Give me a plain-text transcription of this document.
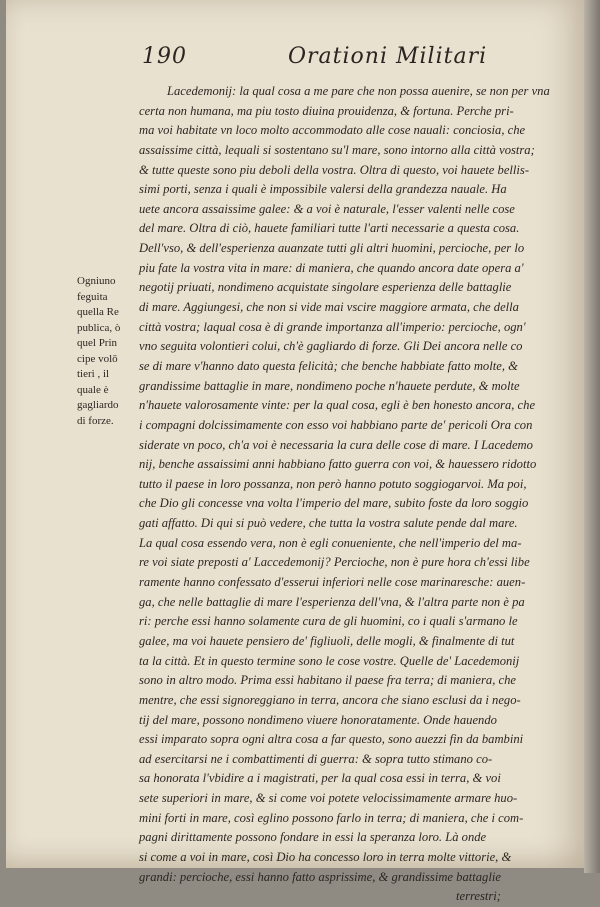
190	Orationi Militari
Ogniuno
feguita
quella Re
publica, ò
quel Prin
cipe volō
tieri , il
quale è
gagliardo
di forze.
Lacedemonij: la qual cosa a me pare che non possa auenire, se non per vna
certa non humana, ma piu tosto diuina prouidenza, & fortuna. Perche pri-
ma voi habitate vn loco molto accommodato alle cose nauali: conciosia, che
assaissime città, lequali si sostentano su'l mare, sono intorno alla città vostra;
& tutte queste sono piu deboli della vostra. Oltra di questo, voi hauete bellis-
simi porti, senza i quali è impossibile valersi della grandezza nauale. Ha
uete ancora assaissime galee: & a voi è naturale, l'esser valenti nelle cose
del mare. Oltra di ciò, hauete familiari tutte l'arti necessarie a questa cosa.
Dell'vso, & dell'esperienza auanzate tutti gli altri huomini, percioche, per lo
piu fate la vostra vita in mare: di maniera, che quando ancora date opera a'
negotij priuati, nondimeno acquistate singolare esperienza delle battaglie
di mare. Aggiungesi, che non si vide mai vscire maggiore armata, che della
città vostra; laqual cosa è di grande importanza all'imperio: percioche, ogn'
vno seguita volontieri colui, ch'è gagliardo di forze. Gli Dei ancora nelle co
se di mare v'hanno dato questa felicità; che benche habbiate fatto molte, &
grandissime battaglie in mare, nondimeno poche n'hauete perdute, & molte
n'hauete valorosamente vinte: per la qual cosa, egli è ben honesto ancora, che
i compagni dolcissimamente con esso voi habbiano parte de' pericoli Ora con
siderate vn poco, ch'a voi è necessaria la cura delle cose di mare. I Lacedemo
nij, benche assaissimi anni habbiano fatto guerra con voi, & hauessero ridotto
tutto il paese in loro possanza, non però hanno potuto soggiogarvoi. Ma poi,
che Dio gli concesse vna volta l'imperio del mare, subito foste da loro soggio
gati affatto. Di qui si può vedere, che tutta la vostra salute pende dal mare.
La qual cosa essendo vera, non è egli conueniente, che nell'imperio del ma-
re voi siate preposti a' Laccedemonij? Percioche, non è pure hora ch'essi libe
ramente hanno confessato d'esserui inferiori nelle cose marinaresche: auen-
ga, che nelle battaglie di mare l'esperienza dell'vna, & l'altra parte non è pa
ri: perche essi hanno solamente cura de gli huomini, co i quali s'armano le
galee, ma voi hauete pensiero de' figliuoli, delle mogli, & finalmente di tut
ta la città. Et in questo termine sono le cose vostre. Quelle de' Lacedemonij
sono in altro modo. Prima essi habitano il paese fra terra; di maniera, che
mentre, che essi signoreggiano in terra, ancora che siano esclusi da i nego-
tij del mare, possono nondimeno viuere honoratamente. Onde hauendo
essi imparato sopra ogni altra cosa a far questo, sono auezzi fin da bambini
ad esercitarsi ne i combattimenti di guerra: & sopra tutto stimano co-
sa honorata l'vbidire a i magistrati, per la qual cosa essi in terra, & voi
sete superiori in mare, & si come voi potete velocissimamente armare huo-
mini forti in mare, così eglino possono farlo in terra; di maniera, che i com-
pagni dirittamente possono fondare in essi la speranza loro. Là onde
si come a voi in mare, così Dio ha concesso loro in terra molte vittorie, &
grandi: percioche, essi hanno fatto asprissime, & grandissime battaglie
terrestri;
